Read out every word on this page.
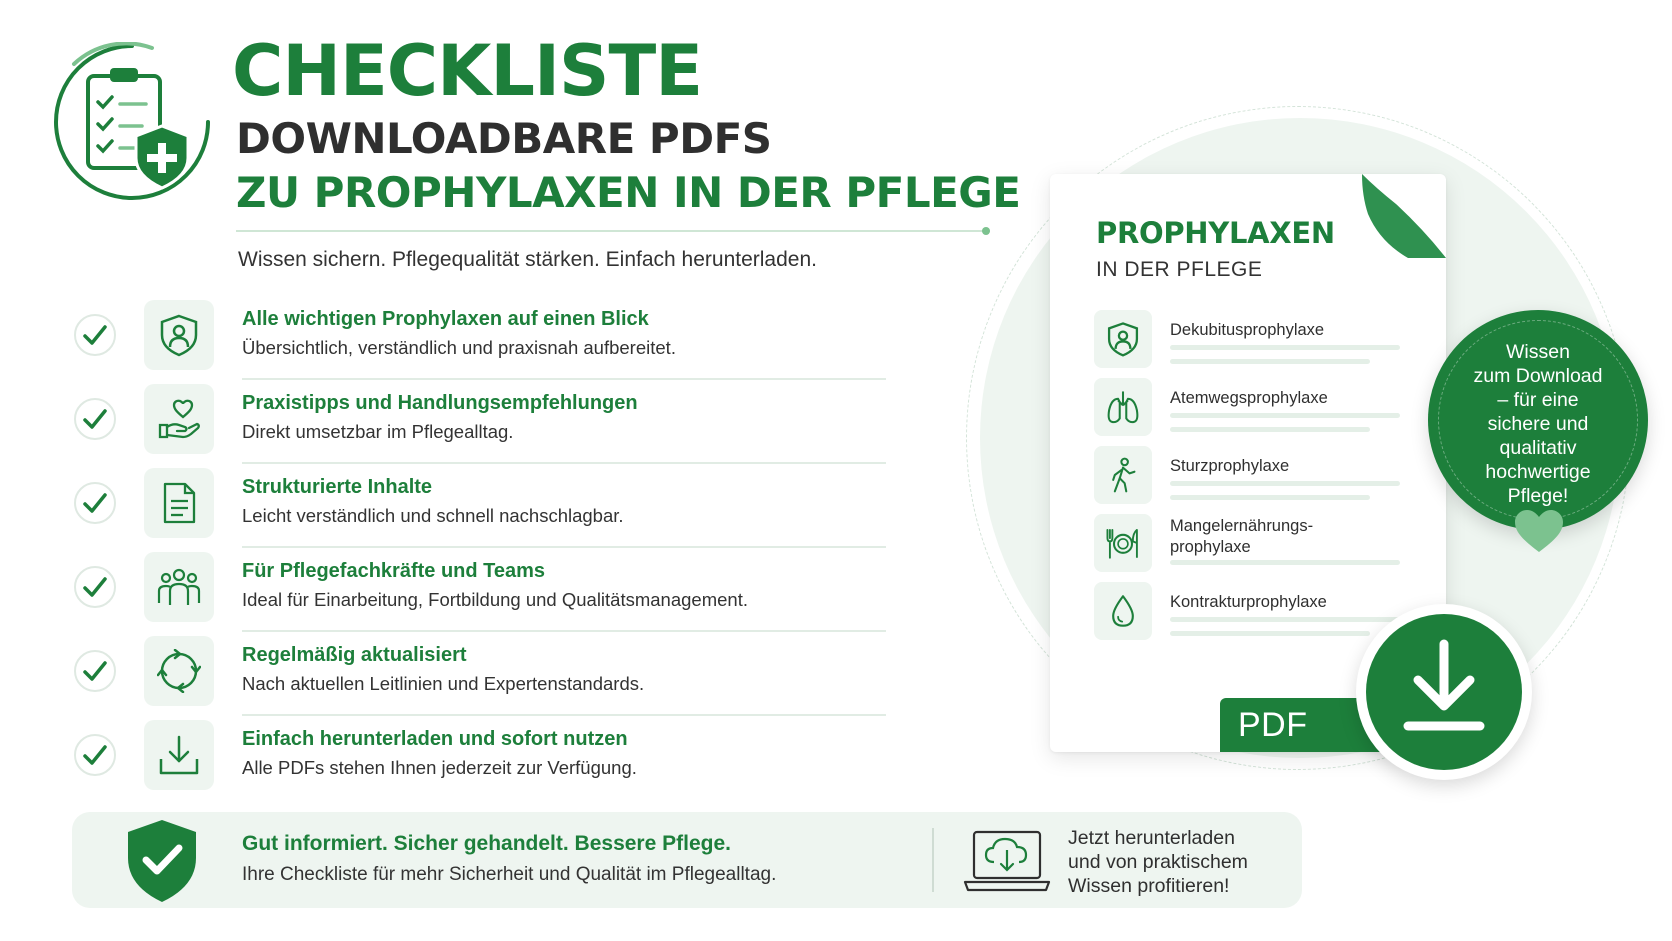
CHECKLISTE
DOWNLOADBARE PDFS
ZU PROPHYLAXEN IN DER PFLEGE
Wissen sichern. Pflegequalität stärken. Einfach herunterladen.
Alle wichtigen Prophylaxen auf einen Blick
Übersichtlich, verständlich und praxisnah aufbereitet.
Praxistipps und Handlungsempfehlungen
Direkt umsetzbar im Pflegealltag.
Strukturierte Inhalte
Leicht verständlich und schnell nachschlagbar.
Für Pflegefachkräfte und Teams
Ideal für Einarbeitung, Fortbildung und Qualitätsmanagement.
Regelmäßig aktualisiert
Nach aktuellen Leitlinien und Expertenstandards.
Einfach herunterladen und sofort nutzen
Alle PDFs stehen Ihnen jederzeit zur Verfügung.
Gut informiert. Sicher gehandelt. Bessere Pflege.
Ihre Checkliste für mehr Sicherheit und Qualität im Pflegealltag.
Jetzt herunterladen
und von praktischem
Wissen profitieren!
PROPHYLAXEN
IN DER PFLEGE
Dekubitusprophylaxe
Atemwegsprophylaxe
Sturzprophylaxe
Mangelernährungs-
prophylaxe
Kontrakturprophylaxe
PDF
Wissen
zum Download
– für eine
sichere und
qualitativ
hochwertige
Pflege!
